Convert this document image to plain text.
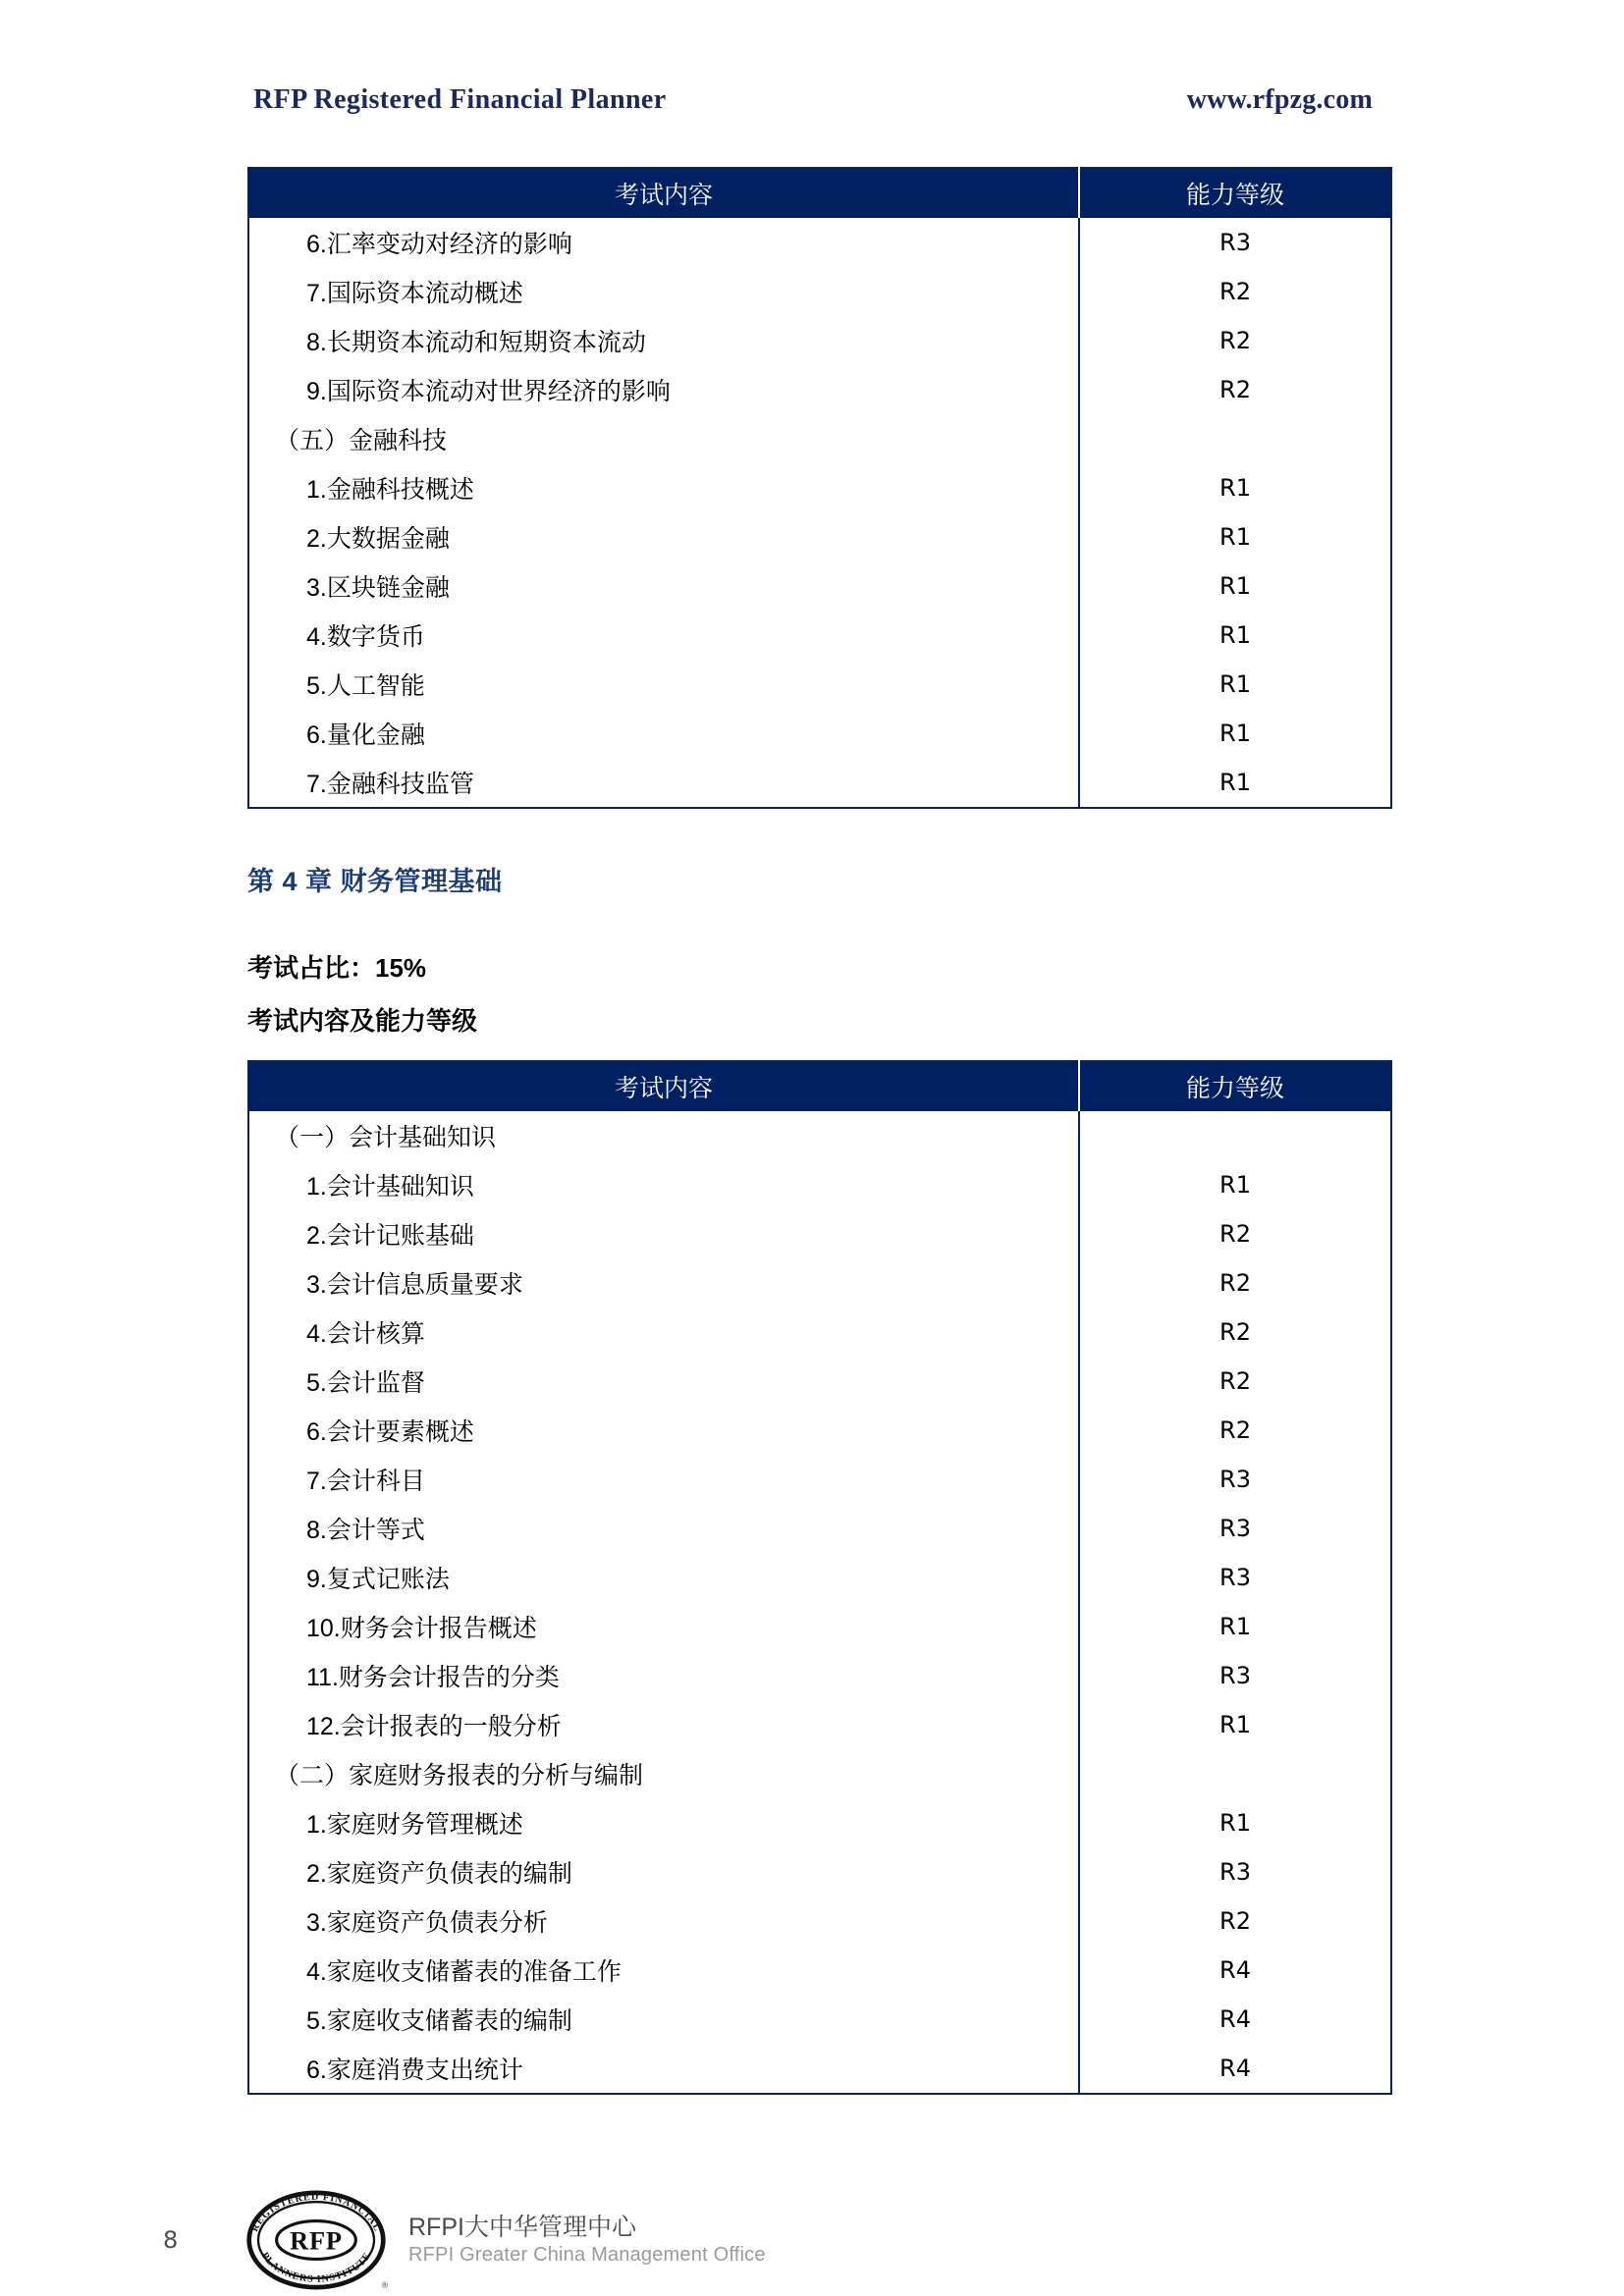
RFP Registered Financial Planner	www.rfpzg.com
考试内容	能力等级
6.汇率变动对经济的影响	R3
7.国际资本流动概述	R2
8.长期资本流动和短期资本流动	R2
9.国际资本流动对世界经济的影响	R2
（五）金融科技	
1.金融科技概述	R1
2.大数据金融	R1
3.区块链金融	R1
4.数字货币	R1
5.人工智能	R1
6.量化金融	R1
7.金融科技监管	R1
第 4 章 财务管理基础
考试占比：15%
考试内容及能力等级
考试内容	能力等级
（一）会计基础知识	
1.会计基础知识	R1
2.会计记账基础	R2
3.会计信息质量要求	R2
4.会计核算	R2
5.会计监督	R2
6.会计要素概述	R2
7.会计科目	R3
8.会计等式	R3
9.复式记账法	R3
10.财务会计报告概述	R1
11.财务会计报告的分类	R3
12.会计报表的一般分析	R1
（二）家庭财务报表的分析与编制	
1.家庭财务管理概述	R1
2.家庭资产负债表的编制	R3
3.家庭资产负债表分析	R2
4.家庭收支储蓄表的准备工作	R4
5.家庭收支储蓄表的编制	R4
6.家庭消费支出统计	R4
8	RFP
REGISTERED FINANCIAL
PLANNERS INSTITUTE
®
RFPI大中华管理中心
RFPI Greater China Management Office
